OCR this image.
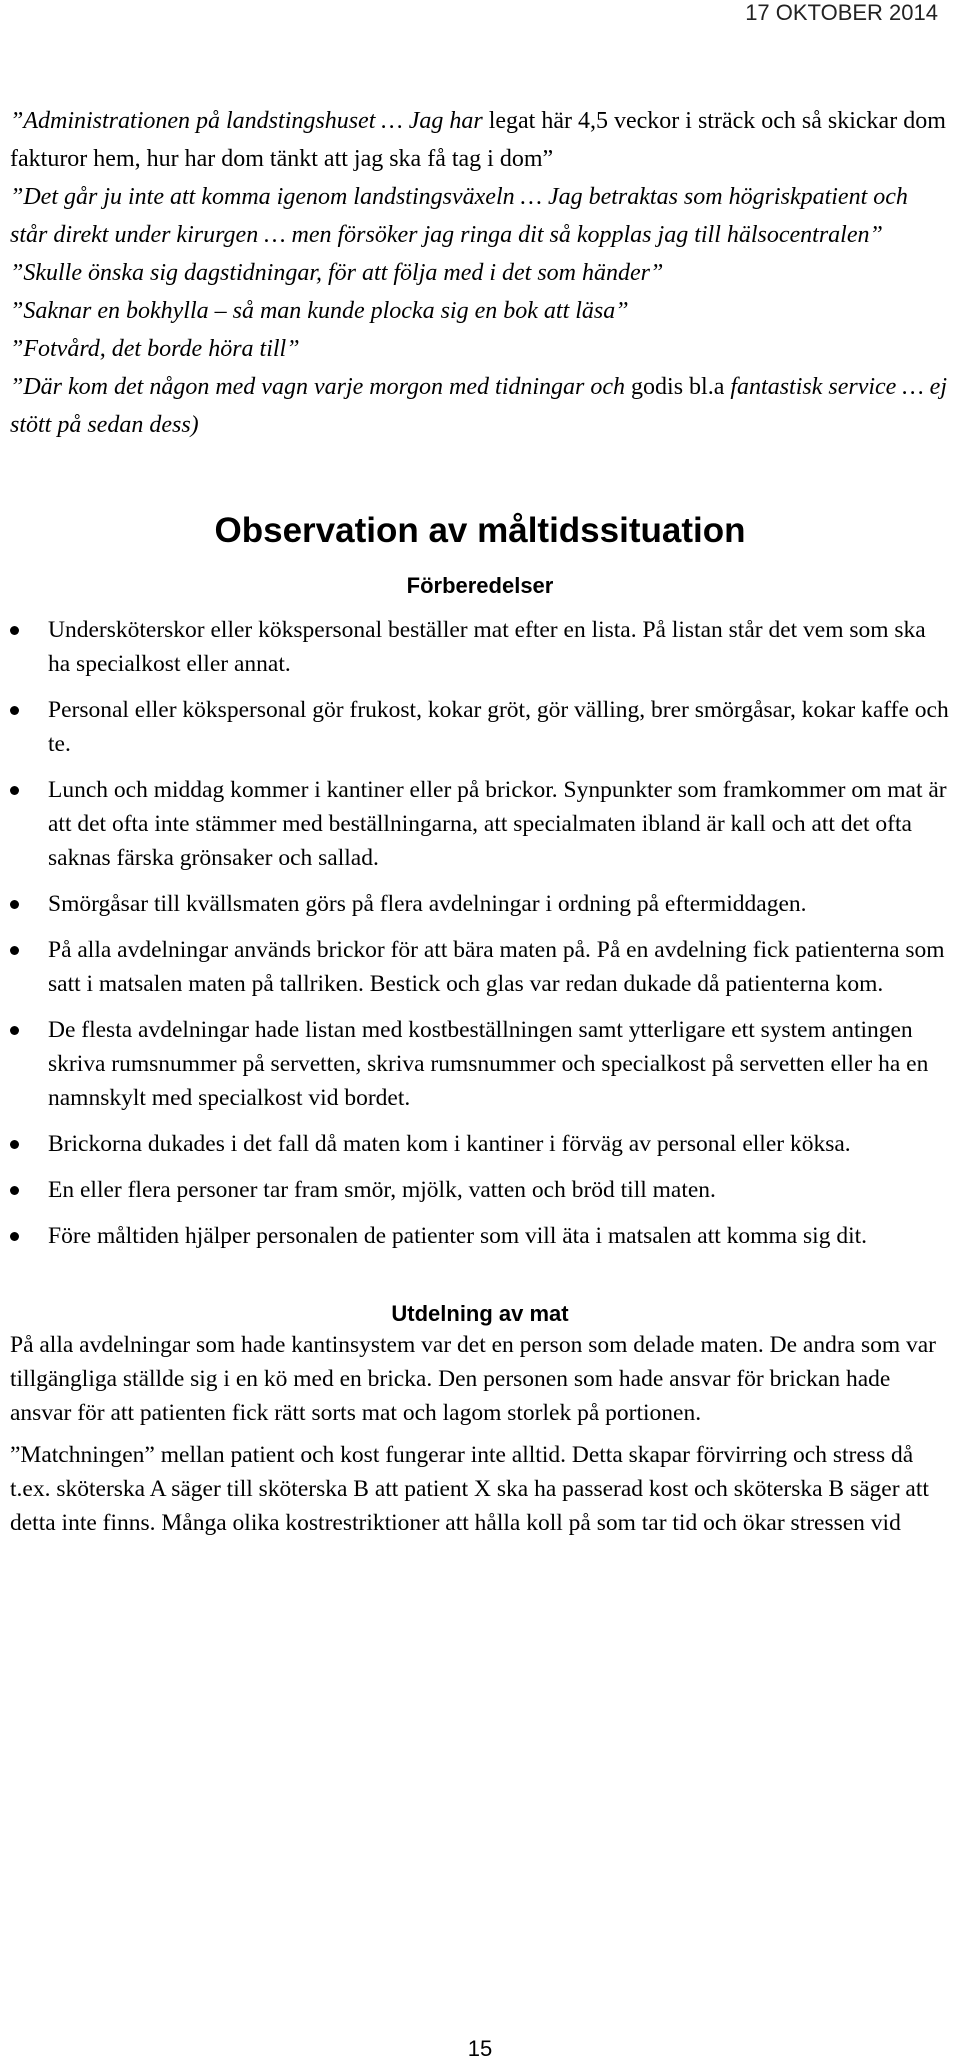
17 OKTOBER 2014

”Administrationen på landstingshuset … Jag har legat här 4,5 veckor i sträck och så skickar dom fakturor hem, hur har dom tänkt att jag ska få tag i dom”

”Det går ju inte att komma igenom landstingsväxeln … Jag betraktas som högriskpatient och står direkt under kirurgen … men försöker jag ringa dit så kopplas jag till hälsocentralen”

”Skulle önska sig dagstidningar, för att följa med i det som händer”

”Saknar en bokhylla – så man kunde plocka sig en bok att läsa”

”Fotvård, det borde höra till”

”Där kom det någon med vagn varje morgon med tidningar och godis bl.a fantastisk service … ej stött på sedan dess)

Observation av måltidssituation
Förberedelser
Undersköterskor eller kökspersonal beställer mat efter en lista. På listan står det vem som ska ha specialkost eller annat.
Personal eller kökspersonal gör frukost, kokar gröt, gör välling, brer smörgåsar, kokar kaffe och te.
Lunch och middag kommer i kantiner eller på brickor. Synpunkter som framkommer om mat är att det ofta inte stämmer med beställningarna, att specialmaten ibland är kall och att det ofta saknas färska grönsaker och sallad.
Smörgåsar till kvällsmaten görs på flera avdelningar i ordning på eftermiddagen.
På alla avdelningar används brickor för att bära maten på. På en avdelning fick patienterna som satt i matsalen maten på tallriken. Bestick och glas var redan dukade då patienterna kom.
De flesta avdelningar hade listan med kostbeställningen samt ytterligare ett system antingen skriva rumsnummer på servetten, skriva rumsnummer och specialkost på servetten eller ha en namnskylt med specialkost vid bordet.
Brickorna dukades i det fall då maten kom i kantiner i förväg av personal eller köksa.
En eller flera personer tar fram smör, mjölk, vatten och bröd till maten.
Före måltiden hjälper personalen de patienter som vill äta i matsalen att komma sig dit.
Utdelning av mat

På alla avdelningar som hade kantinsystem var det en person som delade maten. De andra som var tillgängliga ställde sig i en kö med en bricka. Den personen som hade ansvar för brickan hade ansvar för att patienten fick rätt sorts mat och lagom storlek på portionen.

”Matchningen” mellan patient och kost fungerar inte alltid. Detta skapar förvirring och stress då t.ex. sköterska A säger till sköterska B att patient X ska ha passerad kost och sköterska B säger att detta inte finns. Många olika kostrestriktioner att hålla koll på som tar tid och ökar stressen vid

15
